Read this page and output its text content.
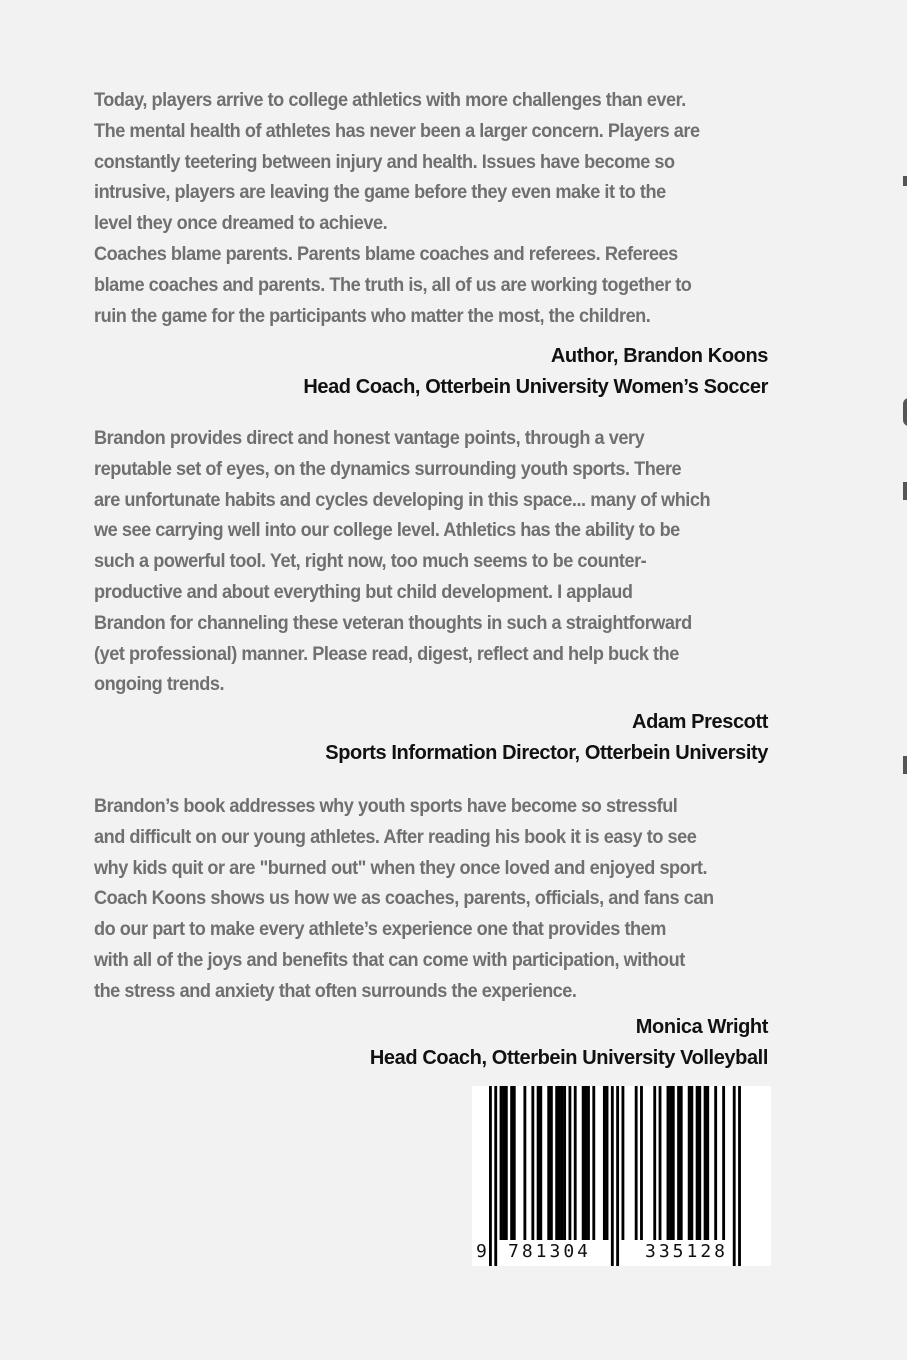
Today, players arrive to college athletics with more challenges than ever.

The mental health of athletes has never been a larger concern. Players are

constantly teetering between injury and health. Issues have become so

intrusive, players are leaving the game before they even make it to the

level they once dreamed to achieve.

Coaches blame parents. Parents blame coaches and referees. Referees

blame coaches and parents. The truth is, all of us are working together to

ruin the game for the participants who matter the most, the children.

Author, Brandon Koons
Head Coach, Otterbein University Women’s Soccer

Brandon provides direct and honest vantage points, through a very

reputable set of eyes, on the dynamics surrounding youth sports. There

are unfortunate habits and cycles developing in this space... many of which

we see carrying well into our college level. Athletics has the ability to be

such a powerful tool. Yet, right now, too much seems to be counter-

productive and about everything but child development. I applaud

Brandon for channeling these veteran thoughts in such a straightforward

(yet professional) manner. Please read, digest, reflect and help buck the

ongoing trends.

Adam Prescott
Sports Information Director, Otterbein University

Brandon’s book addresses why youth sports have become so stressful

and difficult on our young athletes. After reading his book it is easy to see

why kids quit or are "burned out" when they once loved and enjoyed sport.

Coach Koons shows us how we as coaches, parents, officials, and fans can

do our part to make every athlete’s experience one that provides them

with all of the joys and benefits that can come with participation, without

the stress and anxiety that often surrounds the experience.

Monica Wright
Head Coach, Otterbein University Volleyball
9 781304	335128
